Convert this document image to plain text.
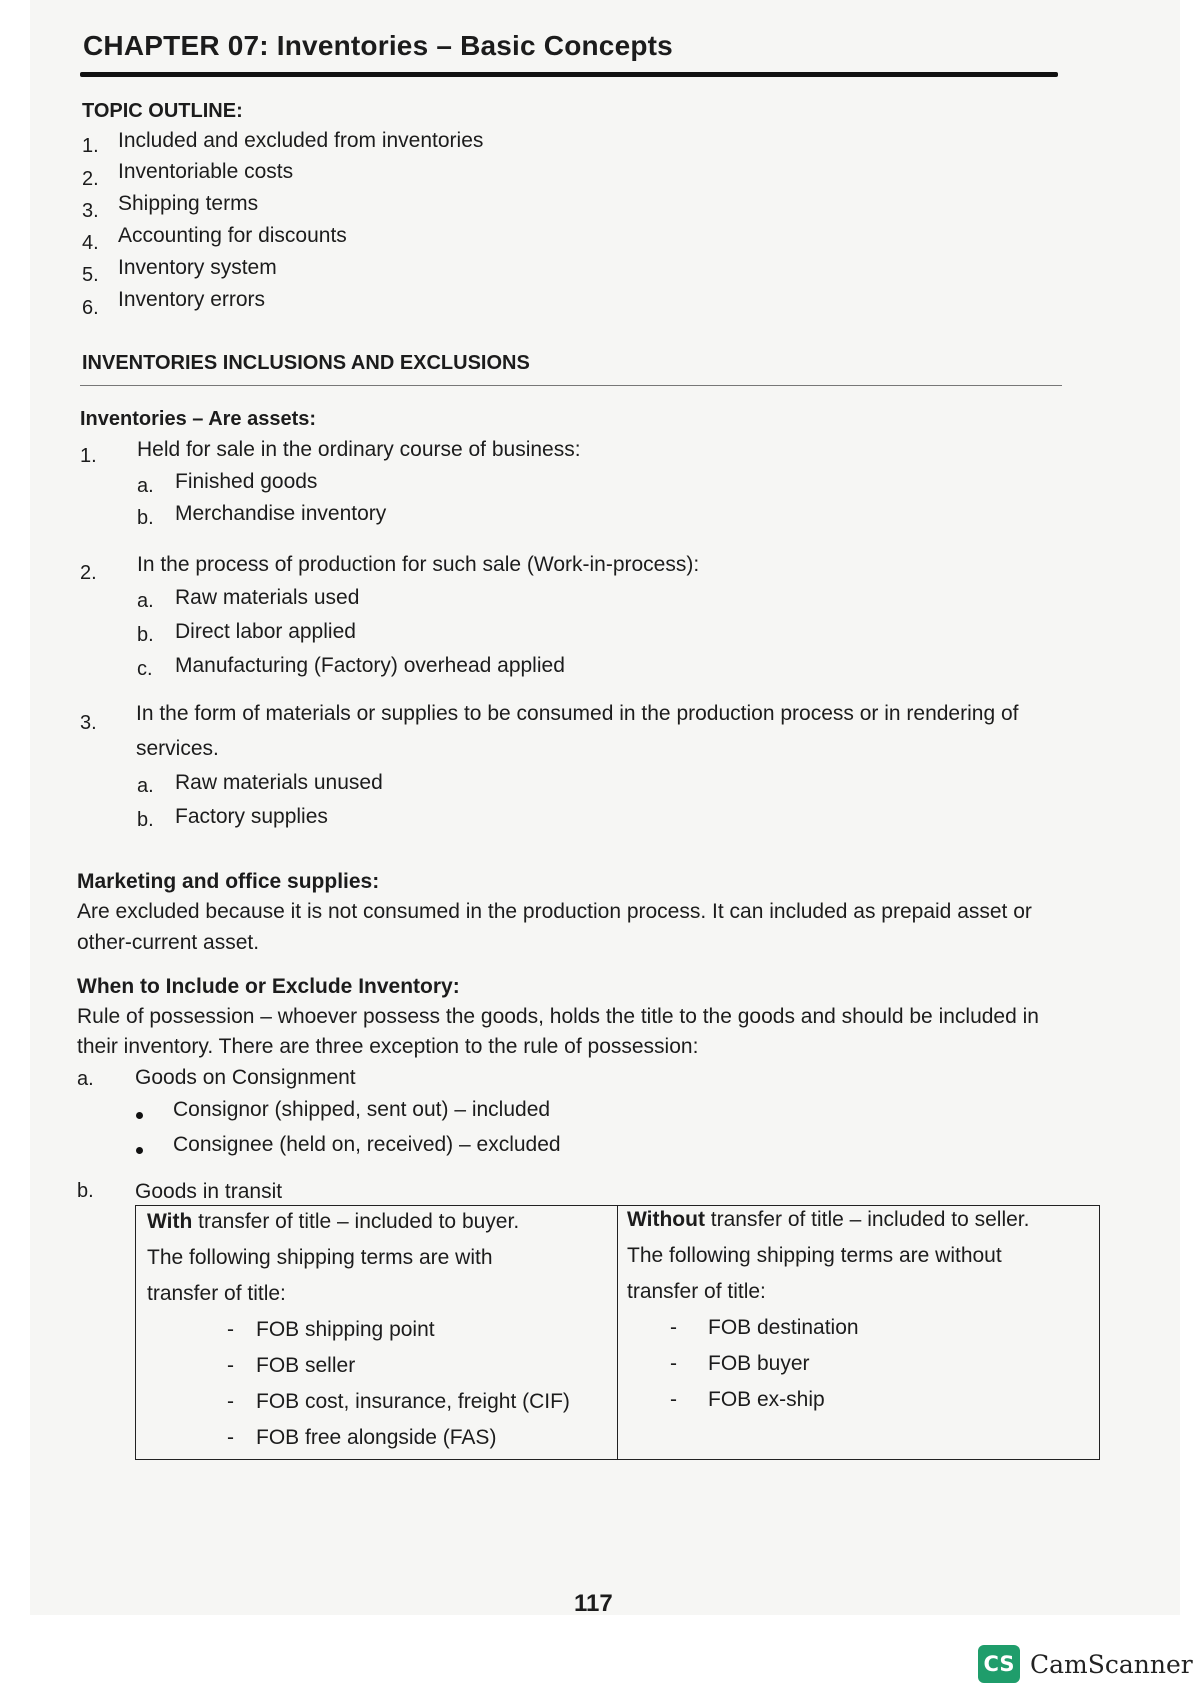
CHAPTER 07: Inventories – Basic Concepts
TOPIC OUTLINE:
1. Included and excluded from inventories
2. Inventoriable costs
3. Shipping terms
4. Accounting for discounts
5. Inventory system
6. Inventory errors
INVENTORIES INCLUSIONS AND EXCLUSIONS
Inventories – Are assets:
1. Held for sale in the ordinary course of business:
a. Finished goods
b. Merchandise inventory
2. In the process of production for such sale (Work-in-process):
a. Raw materials used
b. Direct labor applied
c. Manufacturing (Factory) overhead applied
3. In the form of materials or supplies to be consumed in the production process or in rendering of
services.
a. Raw materials unused
b. Factory supplies
Marketing and office supplies:
Are excluded because it is not consumed in the production process. It can included as prepaid asset or
other-current asset.
When to Include or Exclude Inventory:
Rule of possession – whoever possess the goods, holds the title to the goods and should be included in
their inventory. There are three exception to the rule of possession:
a. Goods on Consignment
Consignor (shipped, sent out) – included
Consignee (held on, received) – excluded
b. Goods in transit
With transfer of title – included to buyer.
The following shipping terms are with
transfer of title:
- FOB shipping point
- FOB seller
- FOB cost, insurance, freight (CIF)
- FOB free alongside (FAS)

Without transfer of title – included to seller.
The following shipping terms are without
transfer of title:
- FOB destination
- FOB buyer
- FOB ex-ship
117
CS CamScanner
